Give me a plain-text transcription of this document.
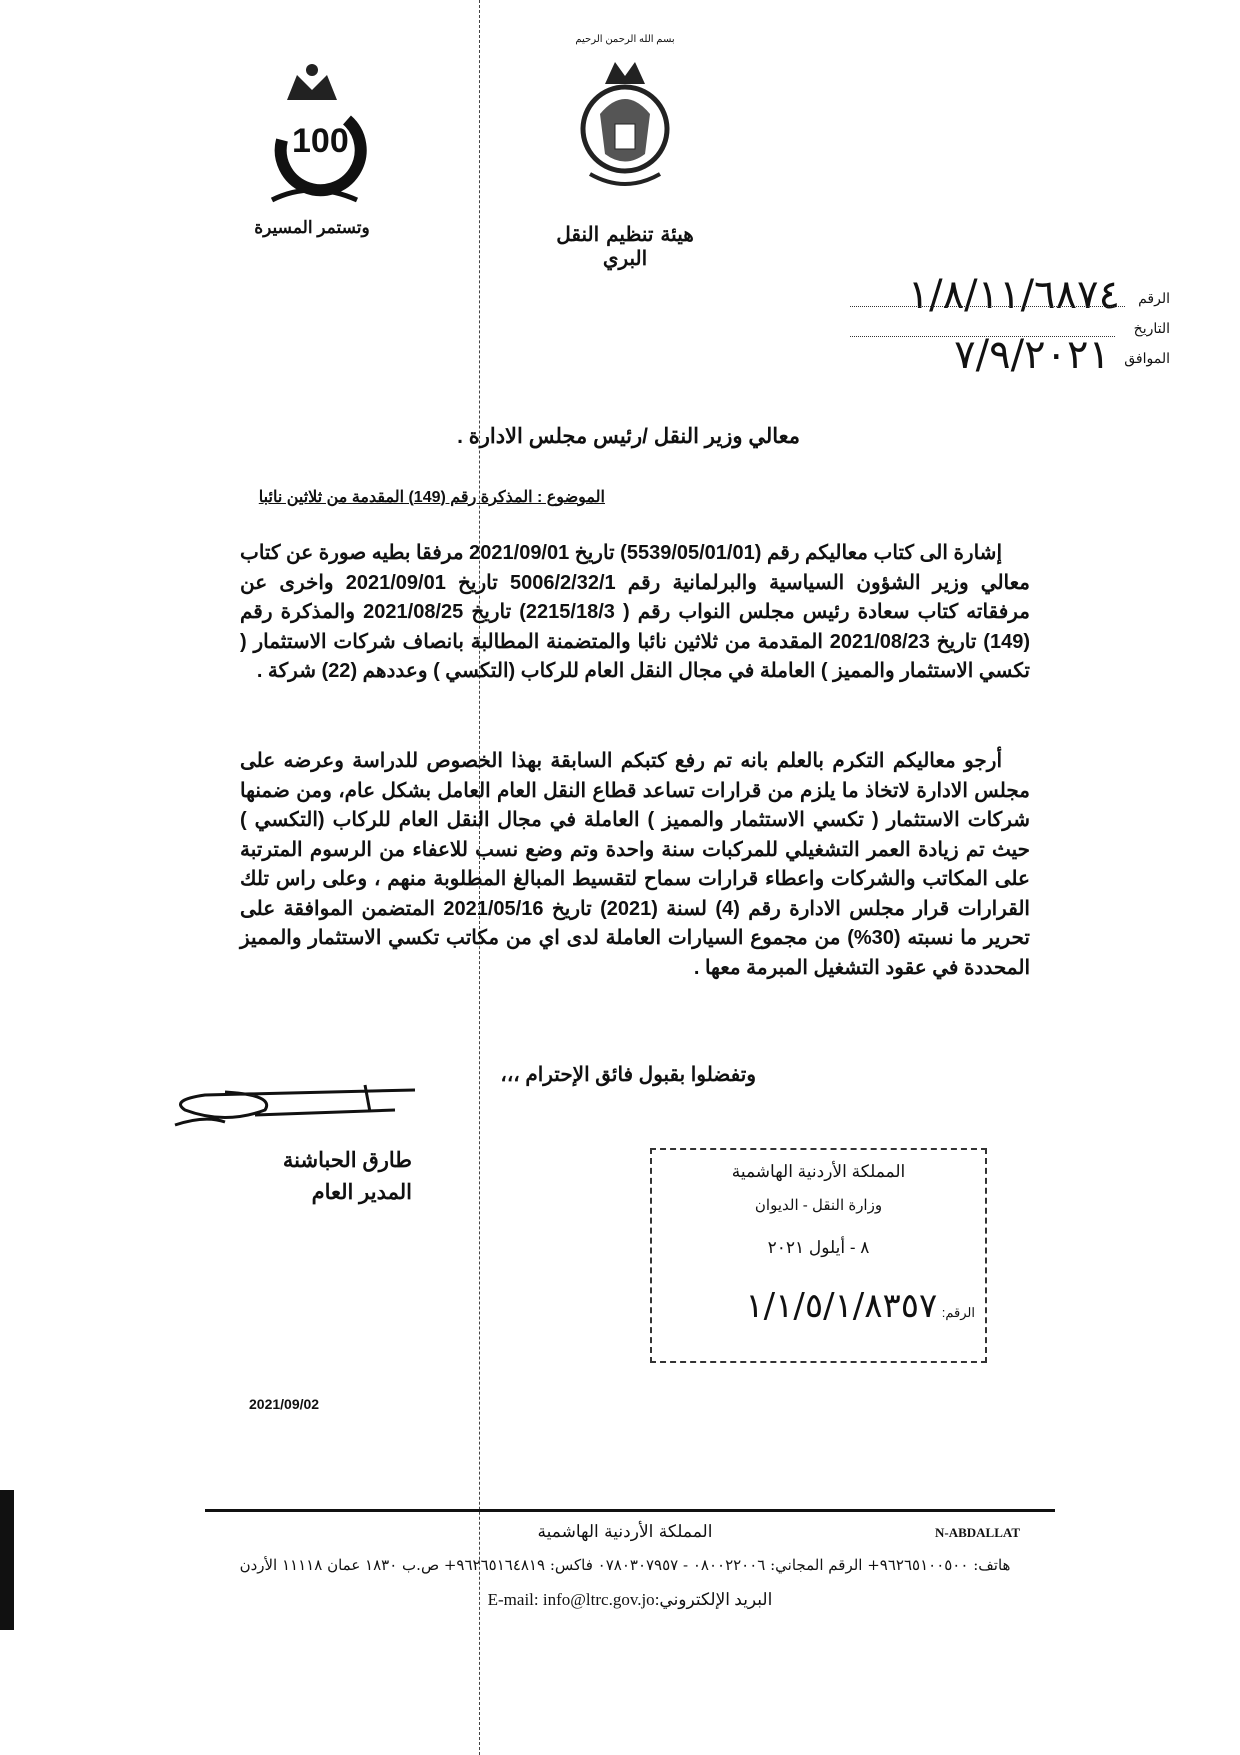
100
وتستمر المسيرة
بسم الله الرحمن الرحيم
هيئة تنظيم النقل البري
الرقم
١/٨/١١/٦٨٧٤
التاريخ
الموافق
٧/٩/٢٠٢١
معالي وزير النقل /رئيس مجلس الادارة .
الموضوع : المذكرة رقم (149) المقدمة من ثلاثين نائبا
إشارة الى كتاب معاليكم رقم (5539/05/01/01) تاريخ 2021/09/01 مرفقا بطيه صورة عن كتاب معالي وزير الشؤون السياسية والبرلمانية رقم 5006/2/32/1 تاريخ 2021/09/01 واخرى عن مرفقاته كتاب سعادة رئيس مجلس النواب رقم ( 2215/18/3) تاريخ 2021/08/25 والمذكرة رقم (149) تاريخ 2021/08/23 المقدمة من ثلاثين نائبا والمتضمنة المطالبة بانصاف شركات الاستثمار ( تكسي الاستثمار والمميز ) العاملة في مجال النقل العام للركاب (التكسي ) وعددهم (22) شركة .
أرجو معاليكم التكرم بالعلم بانه تم رفع كتبكم السابقة بهذا الخصوص للدراسة وعرضه على مجلس الادارة لاتخاذ ما يلزم من قرارات تساعد قطاع النقل العام العامل بشكل عام، ومن ضمنها شركات الاستثمار ( تكسي الاستثمار والمميز ) العاملة في مجال النقل العام للركاب (التكسي ) حيث تم زيادة العمر التشغيلي للمركبات سنة واحدة وتم وضع نسب للاعفاء من الرسوم المترتبة على المكاتب والشركات واعطاء قرارات سماح لتقسيط المبالغ المطلوبة منهم ، وعلى راس تلك القرارات قرار مجلس الادارة رقم (4) لسنة (2021) تاريخ 2021/05/16 المتضمن الموافقة على تحرير ما نسبته (30%) من مجموع السيارات العاملة لدى اي من مكاتب تكسي الاستثمار والمميز المحددة في عقود التشغيل المبرمة معها .
وتفضلوا بقبول فائق الإحترام ،،،
طارق الحباشنة
المدير العام
2021/09/02
المملكة الأردنية الهاشمية
وزارة النقل - الديوان
٨ - أيلول ٢٠٢١
الرقم: ١/١/٥/١/٨٣٥٧
المملكة الأردنية الهاشمية	N-ABDALLAT
هاتف: ٩٦٢٦٥١٠٠٥٠٠+ الرقم المجاني: ٠٨٠٠٢٢٠٠٦ - ٠٧٨٠٣٠٧٩٥٧ فاكس: ٩٦٢٦٥١٦٤٨١٩+ ص.ب ١٨٣٠ عمان ١١١١٨ الأردن
E-mail: info@ltrc.gov.joالبريد الإلكتروني:
